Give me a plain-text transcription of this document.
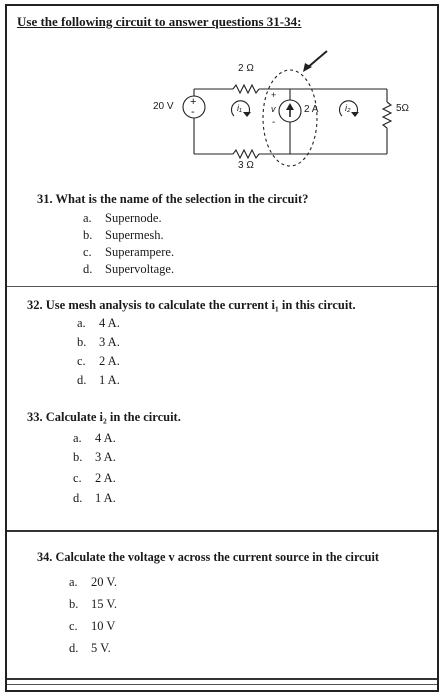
Use the following circuit to answer questions 31-34:
2 Ω
3 Ω
5Ω
20 V +
-	2 A
i₁	i₂
v
+
-
31. What is the name of the selection in the circuit?
a. Supernode.
b. Supermesh.
c. Superampere.
d. Supervoltage.
32. Use mesh analysis to calculate the current i₁ in this circuit.
a. 4 A.
b. 3 A.
c. 2 A.
d. 1 A.
33. Calculate i₂ in the circuit.
a. 4 A.
b. 3 A.
c. 2 A.
d. 1 A.
34. Calculate the voltage v across the current source in the circuit
a. 20 V.
b. 15 V.
c. 10 V
d. 5 V.
